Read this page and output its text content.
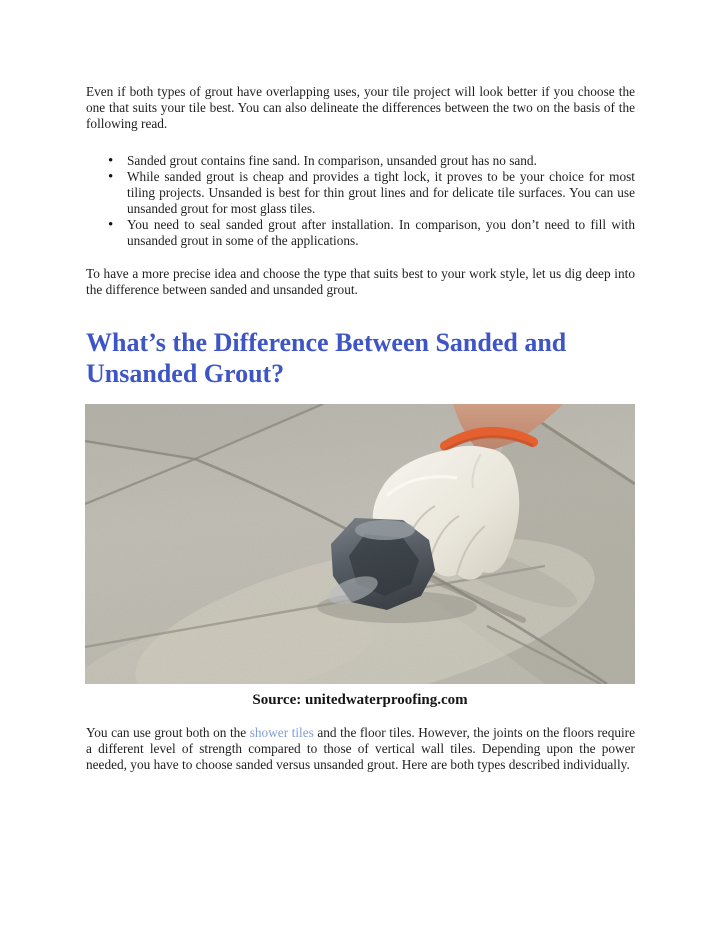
Even if both types of grout have overlapping uses, your tile project will look better if you choose the one that suits your tile best. You can also delineate the differences between the two on the basis of the following read.

• Sanded grout contains fine sand. In comparison, unsanded grout has no sand.
• While sanded grout is cheap and provides a tight lock, it proves to be your choice for most tiling projects. Unsanded is best for thin grout lines and for delicate tile surfaces. You can use unsanded grout for most glass tiles.
• You need to seal sanded grout after installation. In comparison, you don’t need to fill with unsanded grout in some of the applications.

To have a more precise idea and choose the type that suits best to your work style, let us dig deep into the difference between sanded and unsanded grout.

What’s the Difference Between Sanded and Unsanded Grout?
Source: unitedwaterproofing.com

You can use grout both on the shower tiles and the floor tiles. However, the joints on the floors require a different level of strength compared to those of vertical wall tiles. Depending upon the power needed, you have to choose sanded versus unsanded grout. Here are both types described individually.
